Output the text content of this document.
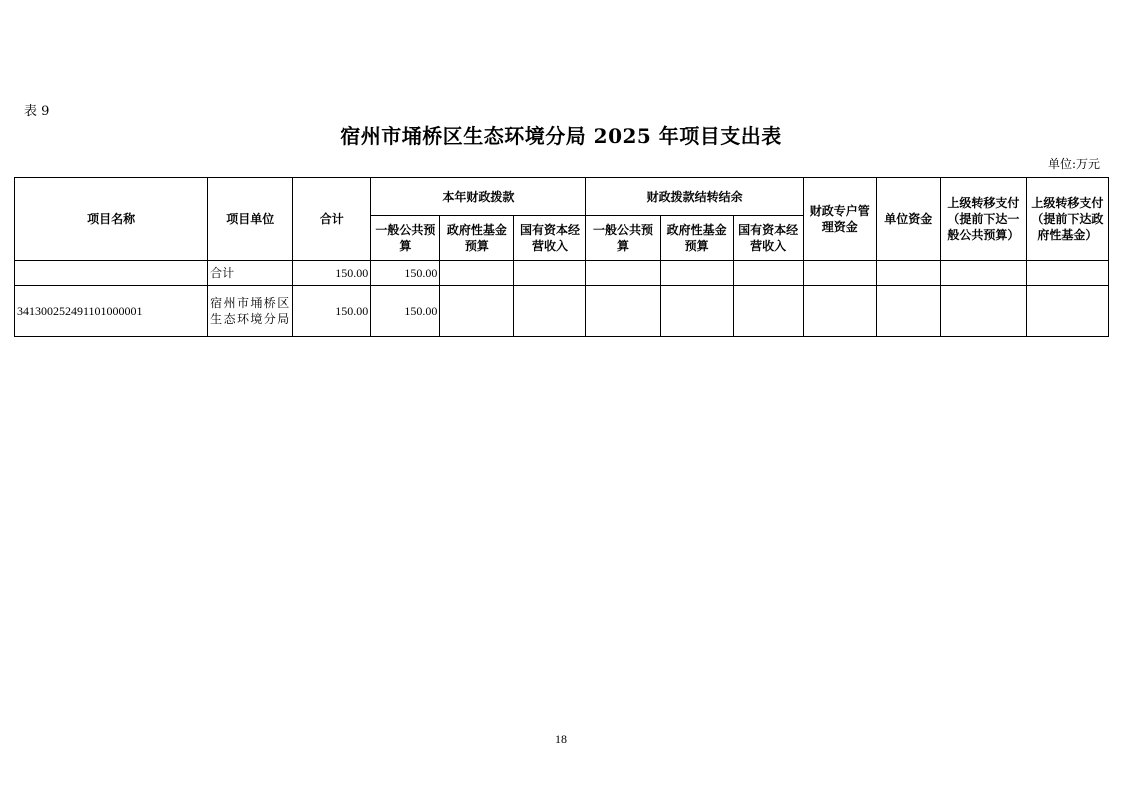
表 9
宿州市埇桥区生态环境分局 2025 年项目支出表
单位:万元
项目名称	项目单位	合计	本年财政拨款			财政拨款结转结余			财政专户管理资金	单位资金	上级转移支付（提前下达一般公共预算）	上级转移支付（提前下达政府性基金）
			一般公共预算	政府性基金预算	国有资本经营收入	一般公共预算	政府性基金预算	国有资本经营收入				
	合计	150.00	150.00									
341300252491101000001	宿州市埇桥区生态环境分局	150.00	150.00									
18
